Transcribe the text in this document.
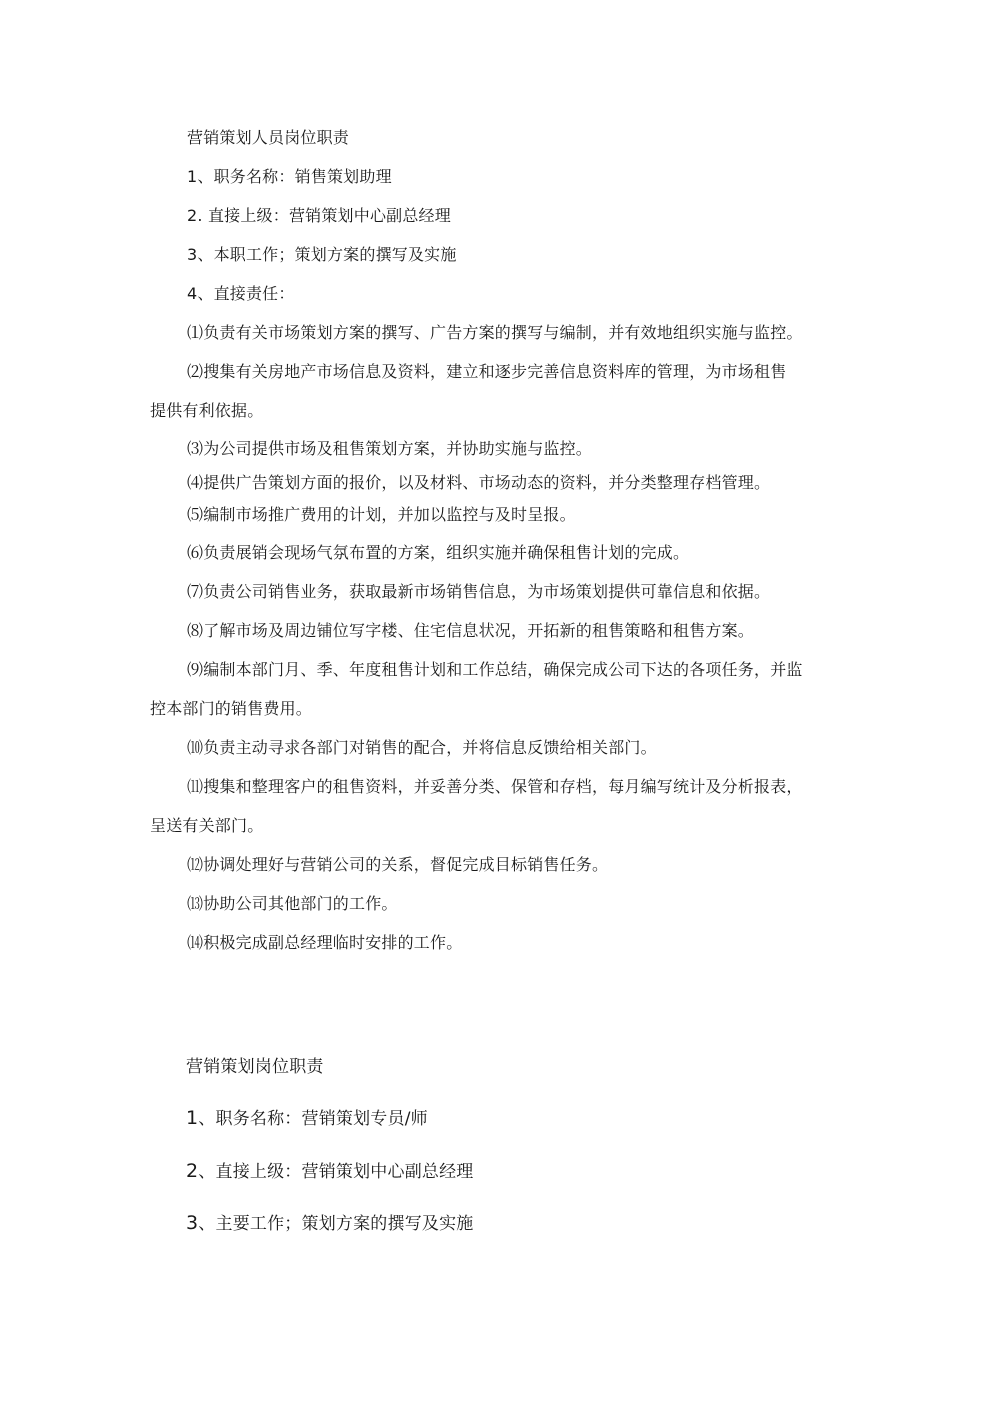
营销策划人员岗位职责
1、职务名称：销售策划助理
2. 直接上级：营销策划中心副总经理
3、本职工作；策划方案的撰写及实施
4、直接责任：
⑴负责有关市场策划方案的撰写、广告方案的撰写与编制，并有效地组织实施与监控。
⑵搜集有关房地产市场信息及资料，建立和逐步完善信息资料库的管理，为市场租售
提供有利依据。
⑶为公司提供市场及租售策划方案，并协助实施与监控。
⑷提供广告策划方面的报价，以及材料、市场动态的资料，并分类整理存档管理。
⑸编制市场推广费用的计划，并加以监控与及时呈报。
⑹负责展销会现场气氛布置的方案，组织实施并确保租售计划的完成。
⑺负责公司销售业务，获取最新市场销售信息，为市场策划提供可靠信息和依据。
⑻了解市场及周边铺位写字楼、住宅信息状况，开拓新的租售策略和租售方案。
⑼编制本部门月、季、年度租售计划和工作总结，确保完成公司下达的各项任务，并监
控本部门的销售费用。
⑽负责主动寻求各部门对销售的配合，并将信息反馈给相关部门。
⑾搜集和整理客户的租售资料，并妥善分类、保管和存档，每月编写统计及分析报表，
呈送有关部门。
⑿协调处理好与营销公司的关系，督促完成目标销售任务。
⒀协助公司其他部门的工作。
⒁积极完成副总经理临时安排的工作。
营销策划岗位职责
1、职务名称：营销策划专员/师
2、直接上级：营销策划中心副总经理
3、主要工作；策划方案的撰写及实施
